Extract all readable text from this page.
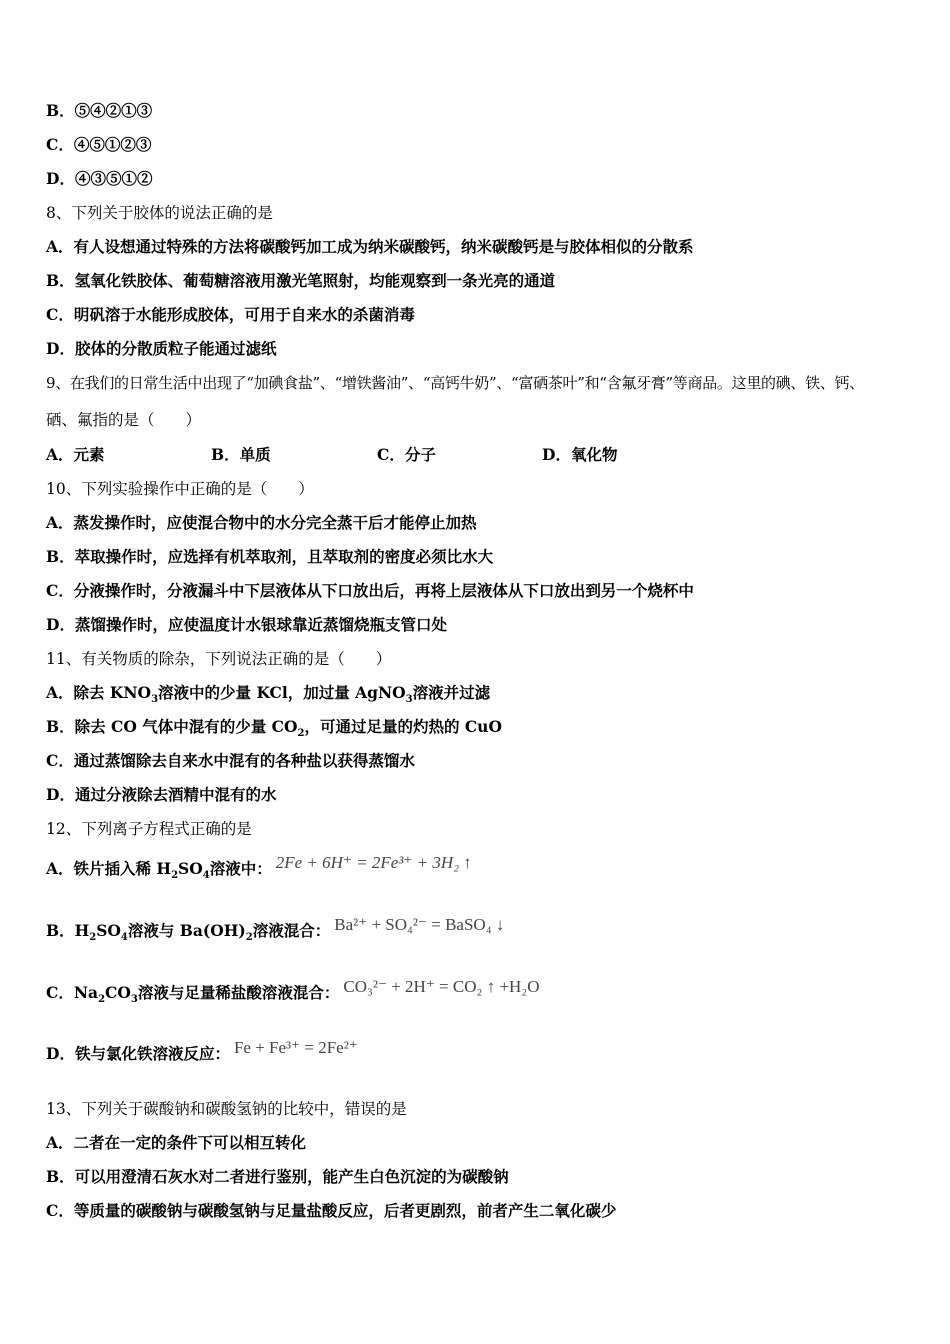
B．⑤④②①③
C．④⑤①②③
D．④③⑤①②
8、下列关于胶体的说法正确的是
A．有人设想通过特殊的方法将碳酸钙加工成为纳米碳酸钙，纳米碳酸钙是与胶体相似的分散系
B．氢氧化铁胶体、葡萄糖溶液用激光笔照射，均能观察到一条光亮的通道
C．明矾溶于水能形成胶体，可用于自来水的杀菌消毒
D．胶体的分散质粒子能通过滤纸
9、在我们的日常生活中出现了“加碘食盐”、“增铁酱油”、“高钙牛奶”、“富硒茶叶”和“含氟牙膏”等商品。这里的碘、铁、钙、
硒、氟指的是（　　）
A．元素	B．单质	C．分子	D．氧化物
10、下列实验操作中正确的是（　　）
A．蒸发操作时，应使混合物中的水分完全蒸干后才能停止加热
B．萃取操作时，应选择有机萃取剂，且萃取剂的密度必须比水大
C．分液操作时，分液漏斗中下层液体从下口放出后，再将上层液体从下口放出到另一个烧杯中
D．蒸馏操作时，应使温度计水银球靠近蒸馏烧瓶支管口处
11、有关物质的除杂，下列说法正确的是（　　）
A．除去 $KNO_3$溶液中的少量 KCl，加过量 AgNO$_3$溶液并过滤
B．除去 CO 气体中混有的少量 $CO_2$，可通过足量的灼热的 CuO
C．通过蒸馏除去自来水中混有的各种盐以获得蒸馏水
D．通过分液除去酒精中混有的水
12、下列离子方程式正确的是
A．铁片插入稀 $H_2SO_4$溶液中： 2Fe + 6H⁺ = 2Fe³⁺ + 3H₂ ↑
B．$H_2SO_4$溶液与 $Ba(OH)_2$溶液混合： Ba²⁺ + SO₄²⁻ = BaSO₄ ↓
C．$Na_2CO_3$溶液与足量稀盐酸溶液混合： CO₃²⁻ + 2H⁺ = CO₂ ↑ +H₂O
D．铁与氯化铁溶液反应： Fe + Fe³⁺ = 2Fe²⁺
13、下列关于碳酸钠和碳酸氢钠的比较中，错误的是
A．二者在一定的条件下可以相互转化
B．可以用澄清石灰水对二者进行鉴别，能产生白色沉淀的为碳酸钠
C．等质量的碳酸钠与碳酸氢钠与足量盐酸反应，后者更剧烈，前者产生二氧化碳少
